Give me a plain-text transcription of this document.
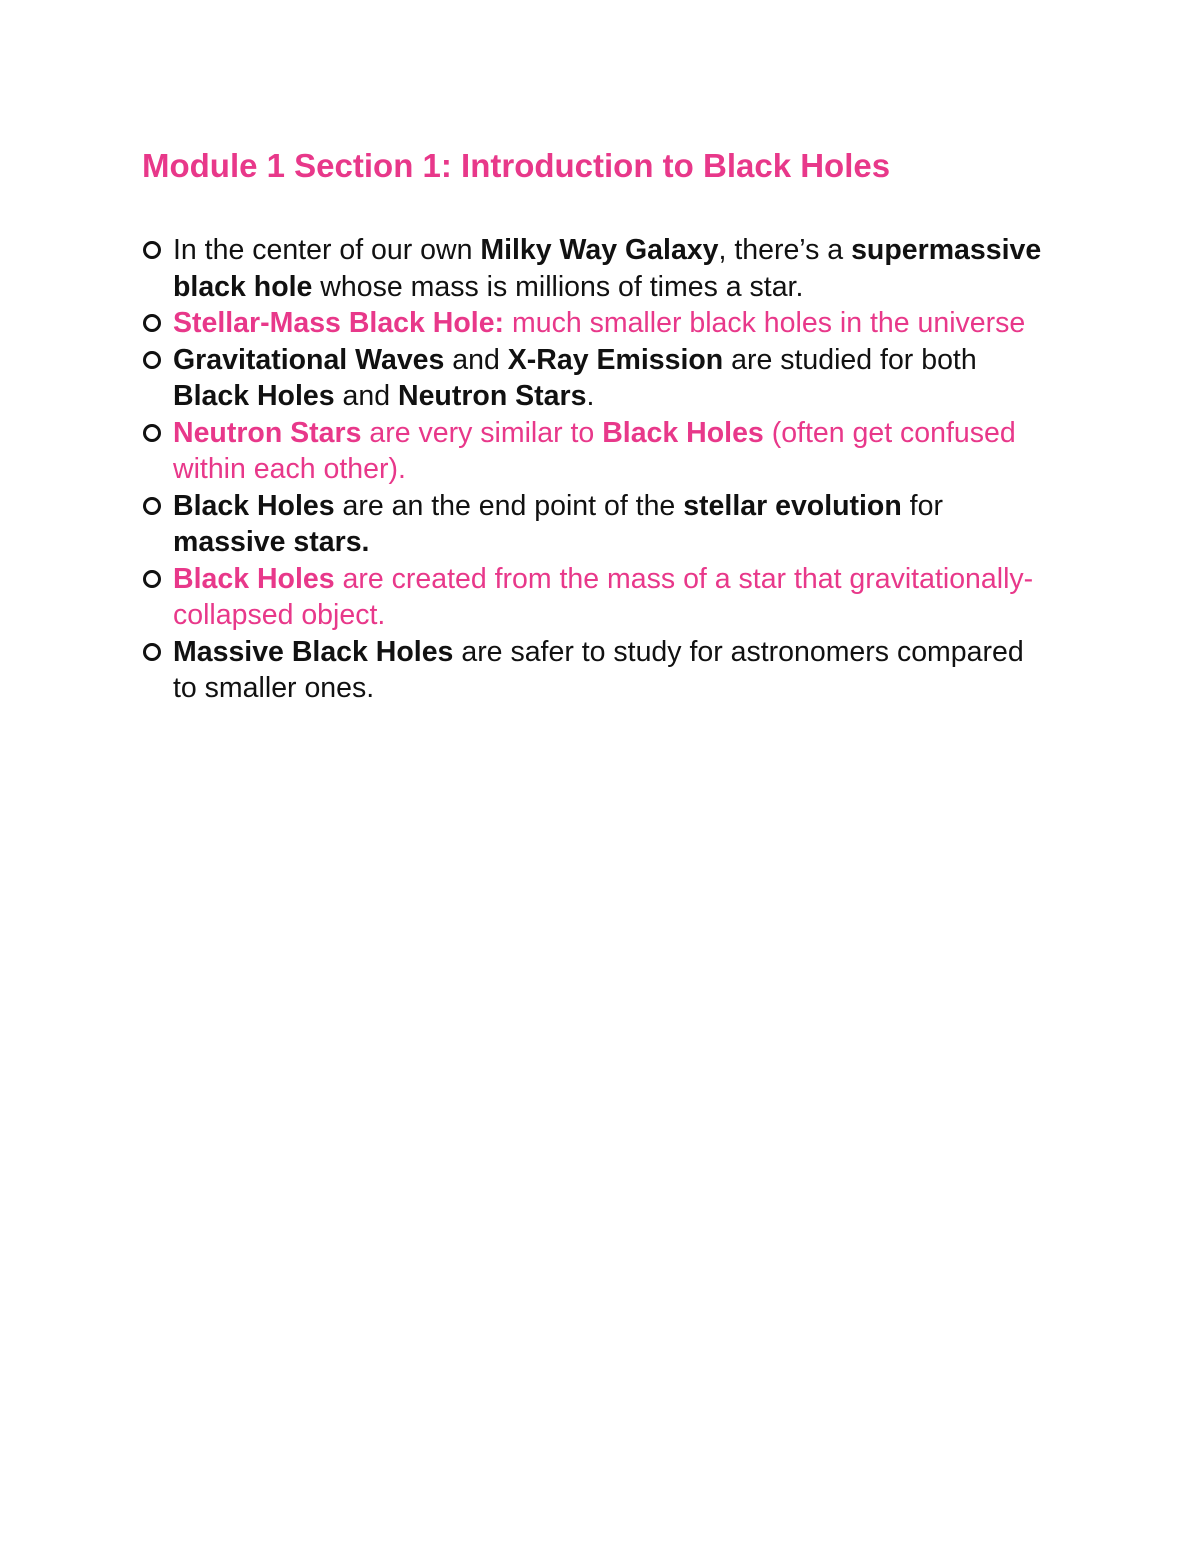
Module 1 Section 1: Introduction to Black Holes
In the center of our own Milky Way Galaxy, there’s a supermassive black hole whose mass is millions of times a star.
Stellar-Mass Black Hole: much smaller black holes in the universe
Gravitational Waves and X-Ray Emission are studied for both Black Holes and Neutron Stars.
Neutron Stars are very similar to Black Holes (often get confused within each other).
Black Holes are an the end point of the stellar evolution for massive stars.
Black Holes are created from the mass of a star that gravitationally-collapsed object.
Massive Black Holes are safer to study for astronomers compared to smaller ones.
